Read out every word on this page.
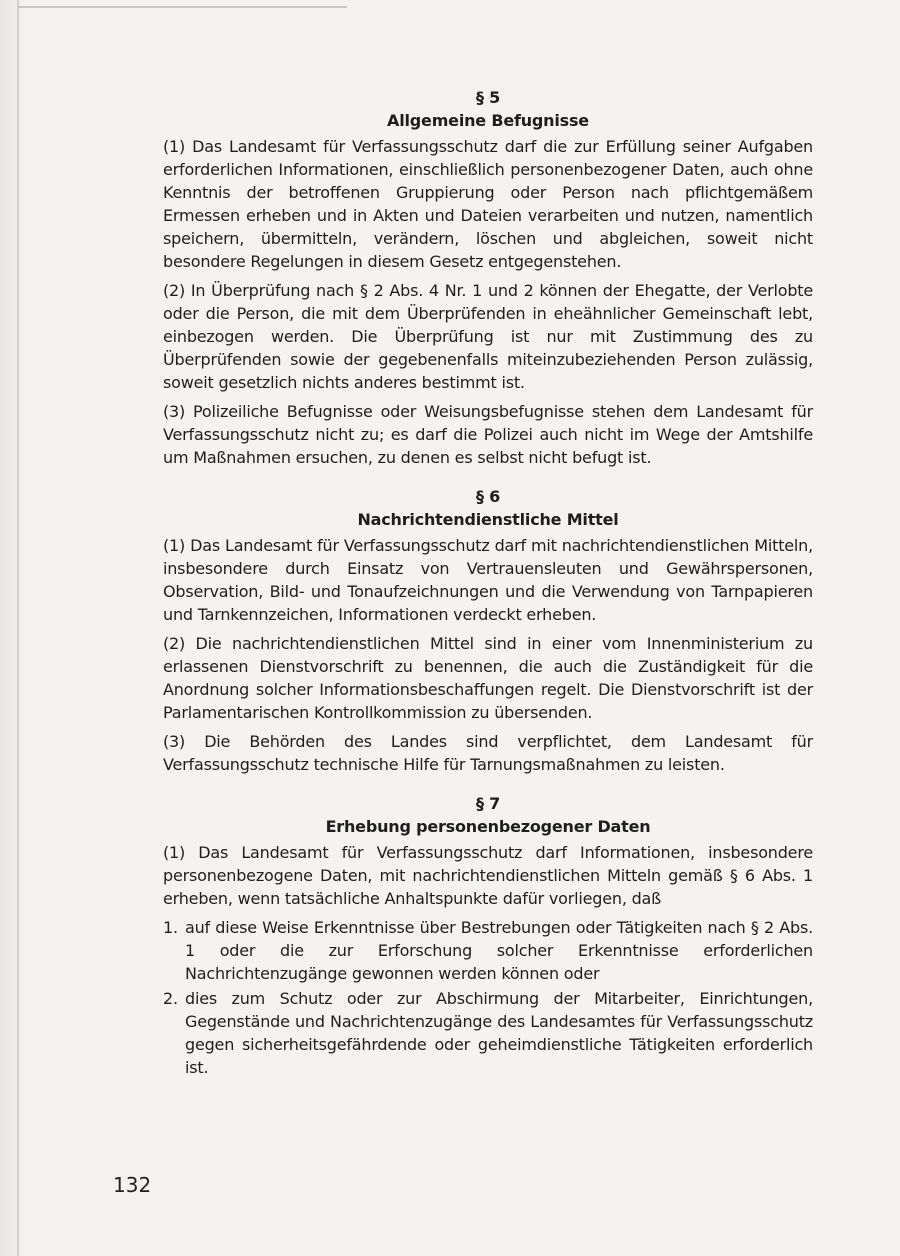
§ 5

Allgemeine Befugnisse

(1) Das Landesamt für Verfassungsschutz darf die zur Erfüllung seiner Aufgaben erforderlichen Informationen, einschließlich personenbezogener Daten, auch ohne Kenntnis der betroffenen Gruppierung oder Person nach pflichtgemäßem Ermessen erheben und in Akten und Dateien verarbeiten und nutzen, namentlich speichern, übermitteln, verändern, löschen und abgleichen, soweit nicht besondere Regelungen in diesem Gesetz entgegenstehen.

(2) In Überprüfung nach § 2 Abs. 4 Nr. 1 und 2 können der Ehegatte, der Verlobte oder die Person, die mit dem Überprüfenden in eheähnlicher Gemeinschaft lebt, einbezogen werden. Die Überprüfung ist nur mit Zustimmung des zu Überprüfenden sowie der gegebenenfalls miteinzubeziehenden Person zulässig, soweit gesetzlich nichts anderes bestimmt ist.

(3) Polizeiliche Befugnisse oder Weisungsbefugnisse stehen dem Landesamt für Verfassungsschutz nicht zu; es darf die Polizei auch nicht im Wege der Amtshilfe um Maßnahmen ersuchen, zu denen es selbst nicht befugt ist.

§ 6

Nachrichtendienstliche Mittel

(1) Das Landesamt für Verfassungsschutz darf mit nachrichtendienstlichen Mitteln, insbesondere durch Einsatz von Vertrauensleuten und Gewährspersonen, Observation, Bild- und Tonaufzeichnungen und die Verwendung von Tarnpapieren und Tarnkennzeichen, Informationen verdeckt erheben.

(2) Die nachrichtendienstlichen Mittel sind in einer vom Innenministerium zu erlassenen Dienstvorschrift zu benennen, die auch die Zuständigkeit für die Anordnung solcher Informationsbeschaffungen regelt. Die Dienstvorschrift ist der Parlamentarischen Kontrollkommission zu übersenden.

(3) Die Behörden des Landes sind verpflichtet, dem Landesamt für Verfassungsschutz technische Hilfe für Tarnungsmaßnahmen zu leisten.

§ 7

Erhebung personenbezogener Daten

(1) Das Landesamt für Verfassungsschutz darf Informationen, insbesondere personenbezogene Daten, mit nachrichtendienstlichen Mitteln gemäß § 6 Abs. 1 erheben, wenn tatsächliche Anhaltspunkte dafür vorliegen, daß

1. auf diese Weise Erkenntnisse über Bestrebungen oder Tätigkeiten nach § 2 Abs. 1 oder die zur Erforschung solcher Erkenntnisse erforderlichen Nachrichtenzugänge gewonnen werden können oder
2. dies zum Schutz oder zur Abschirmung der Mitarbeiter, Einrichtungen, Gegenstände und Nachrichtenzugänge des Landesamtes für Verfassungsschutz gegen sicherheitsgefährdende oder geheimdienstliche Tätigkeiten erforderlich ist.
132
